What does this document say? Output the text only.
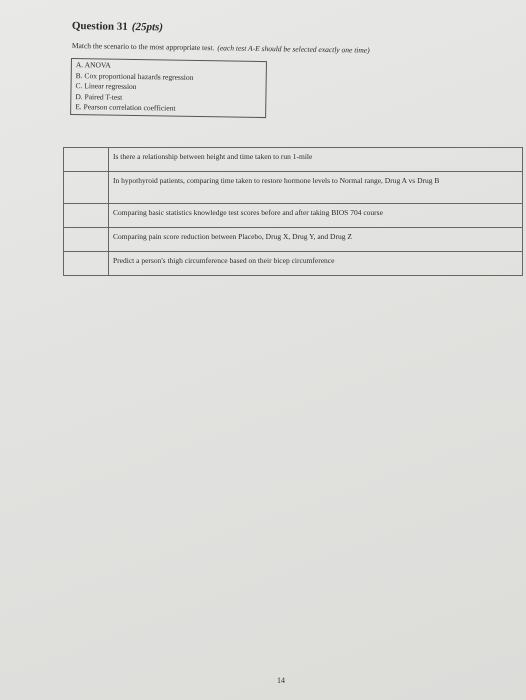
Question 31 (25pts)
Match the scenario to the most appropriate test. (each test A-E should be selected exactly one time)
A. ANOVA
B. Cox proportional hazards regression
C. Linear regression
D. Paired T-test
E. Pearson correlation coefficient
	Is there a relationship between height and time taken to run 1-mile
	In hypothyroid patients, comparing time taken to restore hormone levels to Normal range, Drug A vs Drug B
	Comparing basic statistics knowledge test scores before and after taking BIOS 704 course
	Comparing pain score reduction between Placebo, Drug X, Drug Y, and Drug Z
	Predict a person's thigh circumference based on their bicep circumference
14
